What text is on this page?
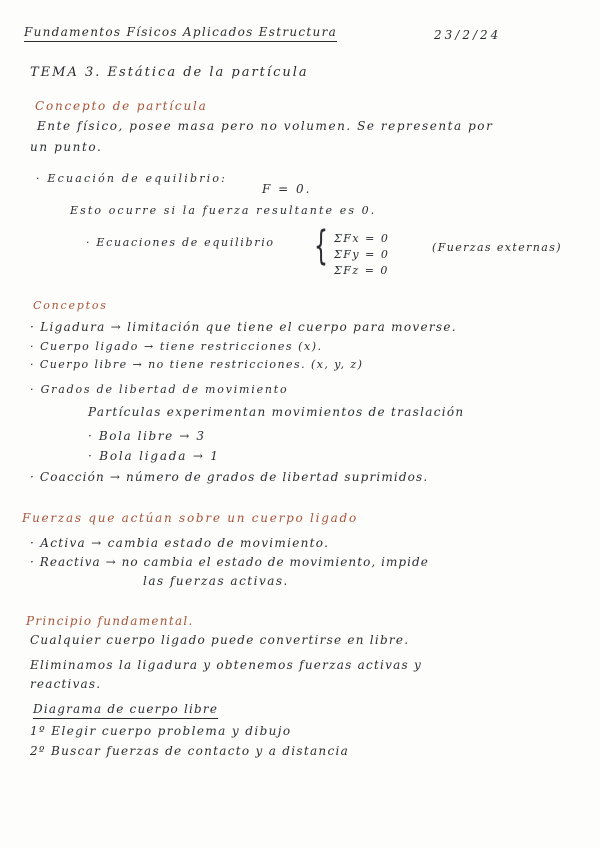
Fundamentos Físicos Aplicados Estructura	23/2/24
TEMA 3. Estática de la partícula
Concepto de partícula
Ente físico, posee masa pero no volumen. Se representa por
un punto.
· Ecuación de equilibrio:
F = 0.
Esto ocurre si la fuerza resultante es 0.
· Ecuaciones de equilibrio { ΣFx = 0
ΣFy = 0
ΣFz = 0
(Fuerzas externas)
Conceptos
· Ligadura → limitación que tiene el cuerpo para moverse.
· Cuerpo ligado → tiene restricciones (x).
· Cuerpo libre → no tiene restricciones. (x, y, z)
· Grados de libertad de movimiento
Partículas experimentan movimientos de traslación
· Bola libre → 3
· Bola ligada → 1
· Coacción → número de grados de libertad suprimidos.
Fuerzas que actúan sobre un cuerpo ligado
· Activa → cambia estado de movimiento.
· Reactiva → no cambia el estado de movimiento, impide
las fuerzas activas.
Principio fundamental.
Cualquier cuerpo ligado puede convertirse en libre.
Eliminamos la ligadura y obtenemos fuerzas activas y
reactivas.
Diagrama de cuerpo libre
1º Elegir cuerpo problema y dibujo
2º Buscar fuerzas de contacto y a distancia
